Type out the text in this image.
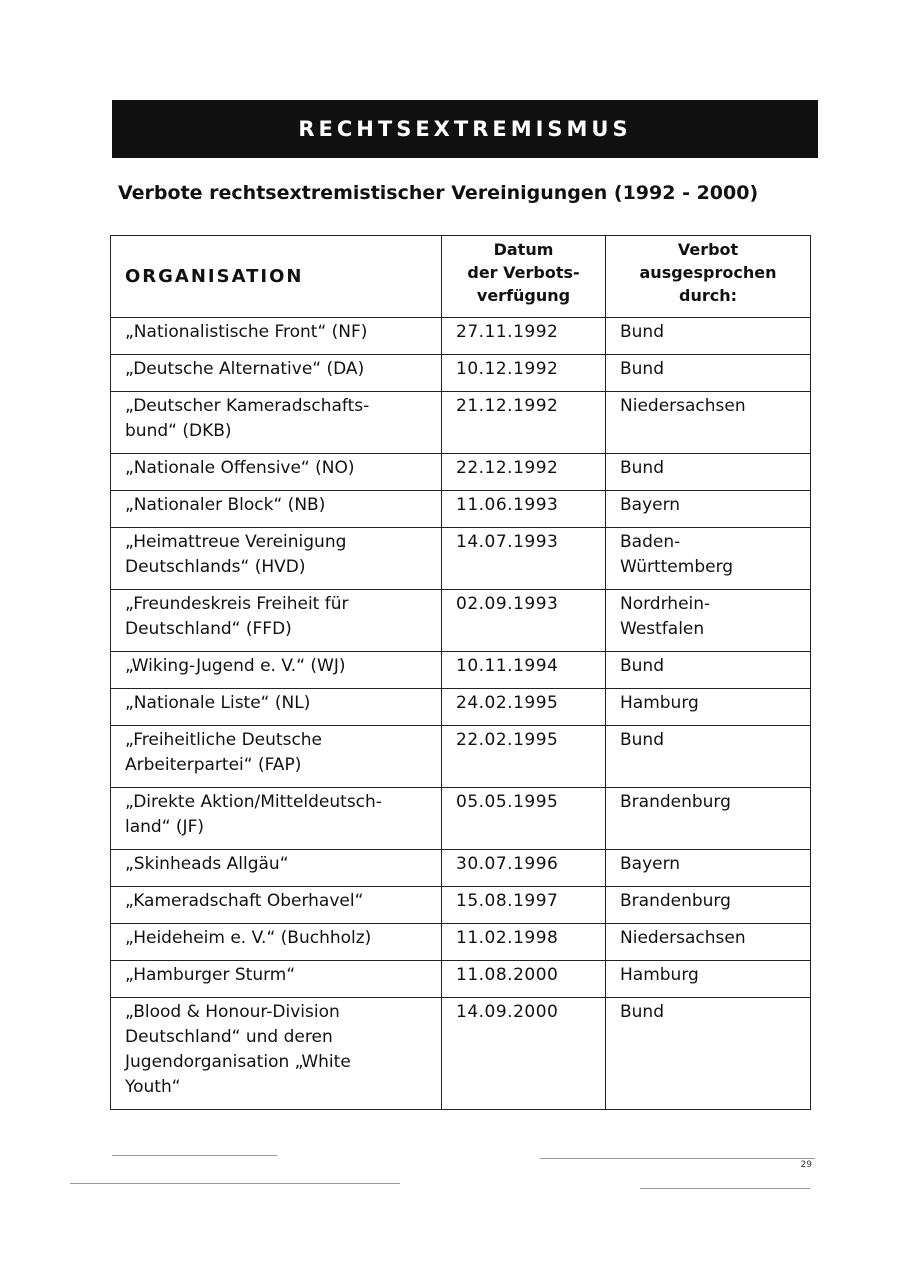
RECHTSEXTREMISMUS
Verbote rechtsextremistischer Vereinigungen (1992 - 2000)
ORGANISATION	Datum
der Verbots-
verfügung	Verbot
ausgesprochen
durch:
„Nationalistische Front“ (NF)	27.11.1992	Bund
„Deutsche Alternative“ (DA)	10.12.1992	Bund
„Deutscher Kameradschafts-
bund“ (DKB)	21.12.1992	Niedersachsen
„Nationale Offensive“ (NO)	22.12.1992	Bund
„Nationaler Block“ (NB)	11.06.1993	Bayern
„Heimattreue Vereinigung
Deutschlands“ (HVD)	14.07.1993	Baden-
Württemberg
„Freundeskreis Freiheit für
Deutschland“ (FFD)	02.09.1993	Nordrhein-
Westfalen
„Wiking-Jugend e. V.“ (WJ)	10.11.1994	Bund
„Nationale Liste“ (NL)	24.02.1995	Hamburg
„Freiheitliche Deutsche
Arbeiterpartei“ (FAP)	22.02.1995	Bund
„Direkte Aktion/Mitteldeutsch-
land“ (JF)	05.05.1995	Brandenburg
„Skinheads Allgäu“	30.07.1996	Bayern
„Kameradschaft Oberhavel“	15.08.1997	Brandenburg
„Heideheim e. V.“ (Buchholz)	11.02.1998	Niedersachsen
„Hamburger Sturm“	11.08.2000	Hamburg
„Blood & Honour-Division
Deutschland“ und deren
Jugendorganisation „White
Youth“	14.09.2000	Bund
29
